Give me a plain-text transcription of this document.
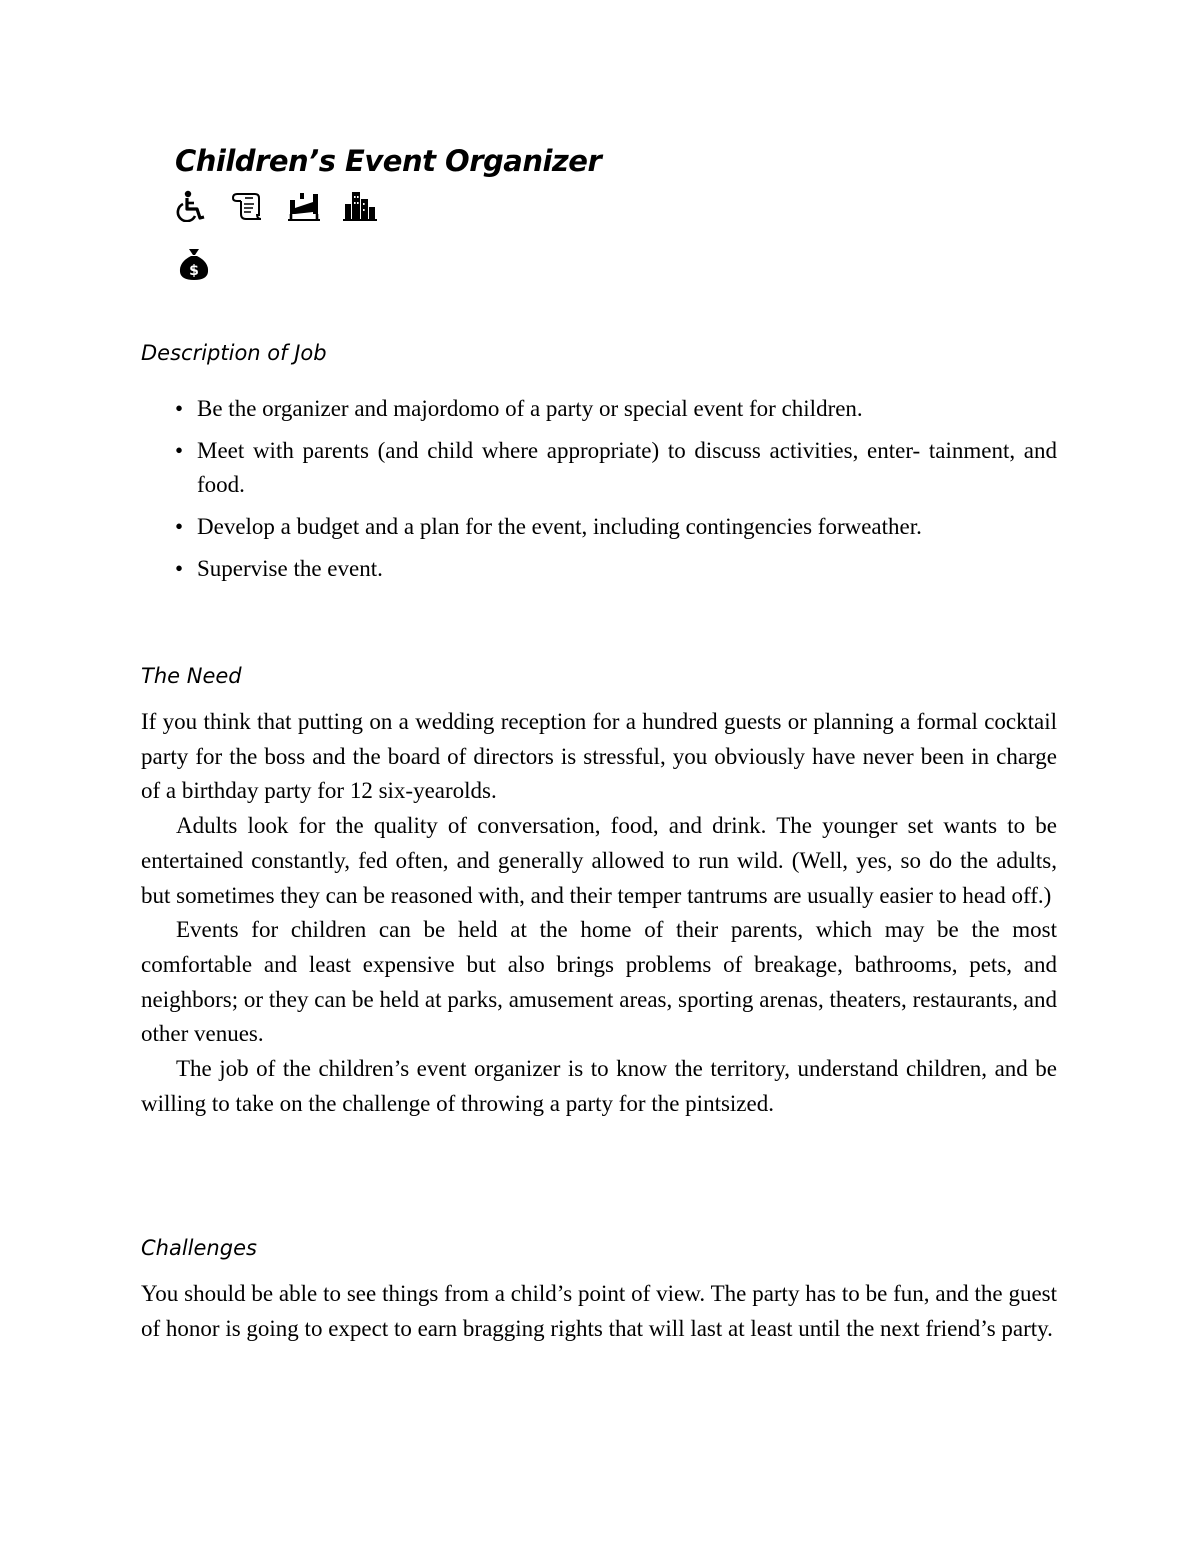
Children’s Event Organizer
$
Description of Job
• Be the organizer and majordomo of a party or special event for children.
• Meet with parents (and child where appropriate) to discuss activities, enter- tainment, and food.
• Develop a budget and a plan for the event, including contingencies forweather.
• Supervise the event.
The Need

If you think that putting on a wedding reception for a hundred guests or planning a formal cocktail party for the boss and the board of directors is stressful, you obviously have never been in charge of a birthday party for 12 six-yearolds.

Adults look for the quality of conversation, food, and drink. The younger set wants to be entertained constantly, fed often, and generally allowed to run wild. (Well, yes, so do the adults, but sometimes they can be reasoned with, and their temper tantrums are usually easier to head off.)

Events for children can be held at the home of their parents, which may be the most comfortable and least expensive but also brings problems of breakage, bathrooms, pets, and neighbors; or they can be held at parks, amusement areas, sporting arenas, theaters, restaurants, and other venues.

The job of the children’s event organizer is to know the territory, understand children, and be willing to take on the challenge of throwing a party for the pintsized.

Challenges

You should be able to see things from a child’s point of view. The party has to be fun, and the guest of honor is going to expect to earn bragging rights that will last at least until the next friend’s party.
